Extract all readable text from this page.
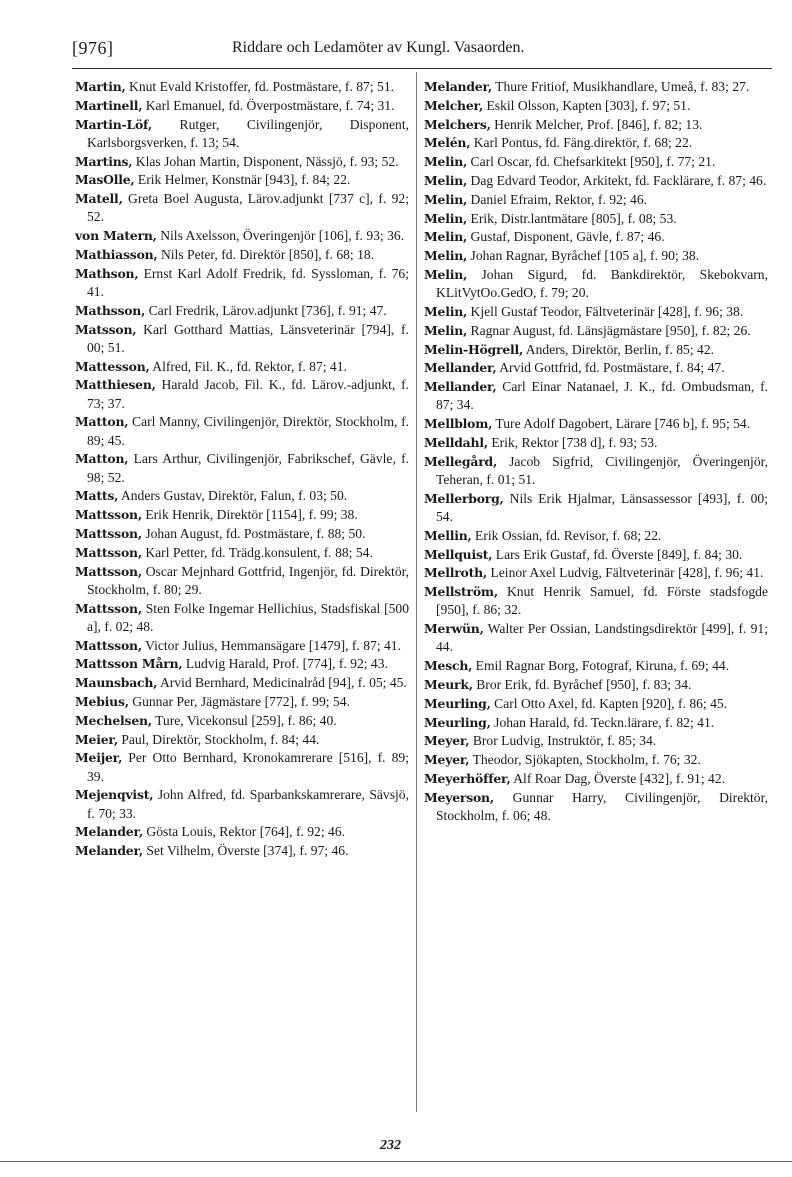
[976]	Riddare och Ledamöter av Kungl. Vasaorden.

Martin, Knut Evald Kristoffer, fd. Postmästare, f. 87; 51.

Martinell, Karl Emanuel, fd. Överpostmästare, f. 74; 31.

Martin-Löf, Rutger, Civilingenjör, Disponent, Karlsborgsverken, f. 13; 54.

Martins, Klas Johan Martin, Disponent, Nässjö, f. 93; 52.

MasOlle, Erik Helmer, Konstnär [943], f. 84; 22.

Matell, Greta Boel Augusta, Lärov.adjunkt [737 c], f. 92; 52.

von Matern, Nils Axelsson, Överingenjör [106], f. 93; 36.

Mathiasson, Nils Peter, fd. Direktör [850], f. 68; 18.

Mathson, Ernst Karl Adolf Fredrik, fd. Syssloman, f. 76; 41.

Mathsson, Carl Fredrik, Lärov.adjunkt [736], f. 91; 47.

Matsson, Karl Gotthard Mattias, Länsveterinär [794], f. 00; 51.

Mattesson, Alfred, Fil. K., fd. Rektor, f. 87; 41.

Matthiesen, Harald Jacob, Fil. K., fd. Lärov.-adjunkt, f. 73; 37.

Matton, Carl Manny, Civilingenjör, Direktör, Stockholm, f. 89; 45.

Matton, Lars Arthur, Civilingenjör, Fabrikschef, Gävle, f. 98; 52.

Matts, Anders Gustav, Direktör, Falun, f. 03; 50.

Mattsson, Erik Henrik, Direktör [1154], f. 99; 38.

Mattsson, Johan August, fd. Postmästare, f. 88; 50.

Mattsson, Karl Petter, fd. Trädg.konsulent, f. 88; 54.

Mattsson, Oscar Mejnhard Gottfrid, Ingenjör, fd. Direktör, Stockholm, f. 80; 29.

Mattsson, Sten Folke Ingemar Hellichius, Stadsfiskal [500 a], f. 02; 48.

Mattsson, Victor Julius, Hemmansägare [1479], f. 87; 41.

Mattsson Mårn, Ludvig Harald, Prof. [774], f. 92; 43.

Maunsbach, Arvid Bernhard, Medicinalråd [94], f. 05; 45.

Mebius, Gunnar Per, Jägmästare [772], f. 99; 54.

Mechelsen, Ture, Vicekonsul [259], f. 86; 40.

Meier, Paul, Direktör, Stockholm, f. 84; 44.

Meijer, Per Otto Bernhard, Kronokamrerare [516], f. 89; 39.

Mejenqvist, John Alfred, fd. Sparbankskamrerare, Sävsjö, f. 70; 33.

Melander, Gösta Louis, Rektor [764], f. 92; 46.

Melander, Set Vilhelm, Överste [374], f. 97; 46.

Melander, Thure Fritiof, Musikhandlare, Umeå, f. 83; 27.

Melcher, Eskil Olsson, Kapten [303], f. 97; 51.

Melchers, Henrik Melcher, Prof. [846], f. 82; 13.

Melén, Karl Pontus, fd. Fäng.direktör, f. 68; 22.

Melin, Carl Oscar, fd. Chefsarkitekt [950], f. 77; 21.

Melin, Dag Edvard Teodor, Arkitekt, fd. Facklärare, f. 87; 46.

Melin, Daniel Efraim, Rektor, f. 92; 46.

Melin, Erik, Distr.lantmätare [805], f. 08; 53.

Melin, Gustaf, Disponent, Gävle, f. 87; 46.

Melin, Johan Ragnar, Byråchef [105 a], f. 90; 38.

Melin, Johan Sigurd, fd. Bankdirektör, Skebokvarn, KLitVytOo.GedO, f. 79; 20.

Melin, Kjell Gustaf Teodor, Fältveterinär [428], f. 96; 38.

Melin, Ragnar August, fd. Länsjägmästare [950], f. 82; 26.

Melin-Högrell, Anders, Direktör, Berlin, f. 85; 42.

Mellander, Arvid Gottfrid, fd. Postmästare, f. 84; 47.

Mellander, Carl Einar Natanael, J. K., fd. Ombudsman, f. 87; 34.

Mellblom, Ture Adolf Dagobert, Lärare [746 b], f. 95; 54.

Melldahl, Erik, Rektor [738 d], f. 93; 53.

Mellegård, Jacob Sigfrid, Civilingenjör, Överingenjör, Teheran, f. 01; 51.

Mellerborg, Nils Erik Hjalmar, Länsassessor [493], f. 00; 54.

Mellin, Erik Ossian, fd. Revisor, f. 68; 22.

Mellquist, Lars Erik Gustaf, fd. Överste [849], f. 84; 30.

Mellroth, Leinor Axel Ludvig, Fältveterinär [428], f. 96; 41.

Mellström, Knut Henrik Samuel, fd. Förste stadsfogde [950], f. 86; 32.

Merwün, Walter Per Ossian, Landstingsdirektör [499], f. 91; 44.

Mesch, Emil Ragnar Borg, Fotograf, Kiruna, f. 69; 44.

Meurk, Bror Erik, fd. Byråchef [950], f. 83; 34.

Meurling, Carl Otto Axel, fd. Kapten [920], f. 86; 45.

Meurling, Johan Harald, fd. Teckn.lärare, f. 82; 41.

Meyer, Bror Ludvig, Instruktör, f. 85; 34.

Meyer, Theodor, Sjökapten, Stockholm, f. 76; 32.

Meyerhöffer, Alf Roar Dag, Överste [432], f. 91; 42.

Meyerson, Gunnar Harry, Civilingenjör, Direktör, Stockholm, f. 06; 48.

232
